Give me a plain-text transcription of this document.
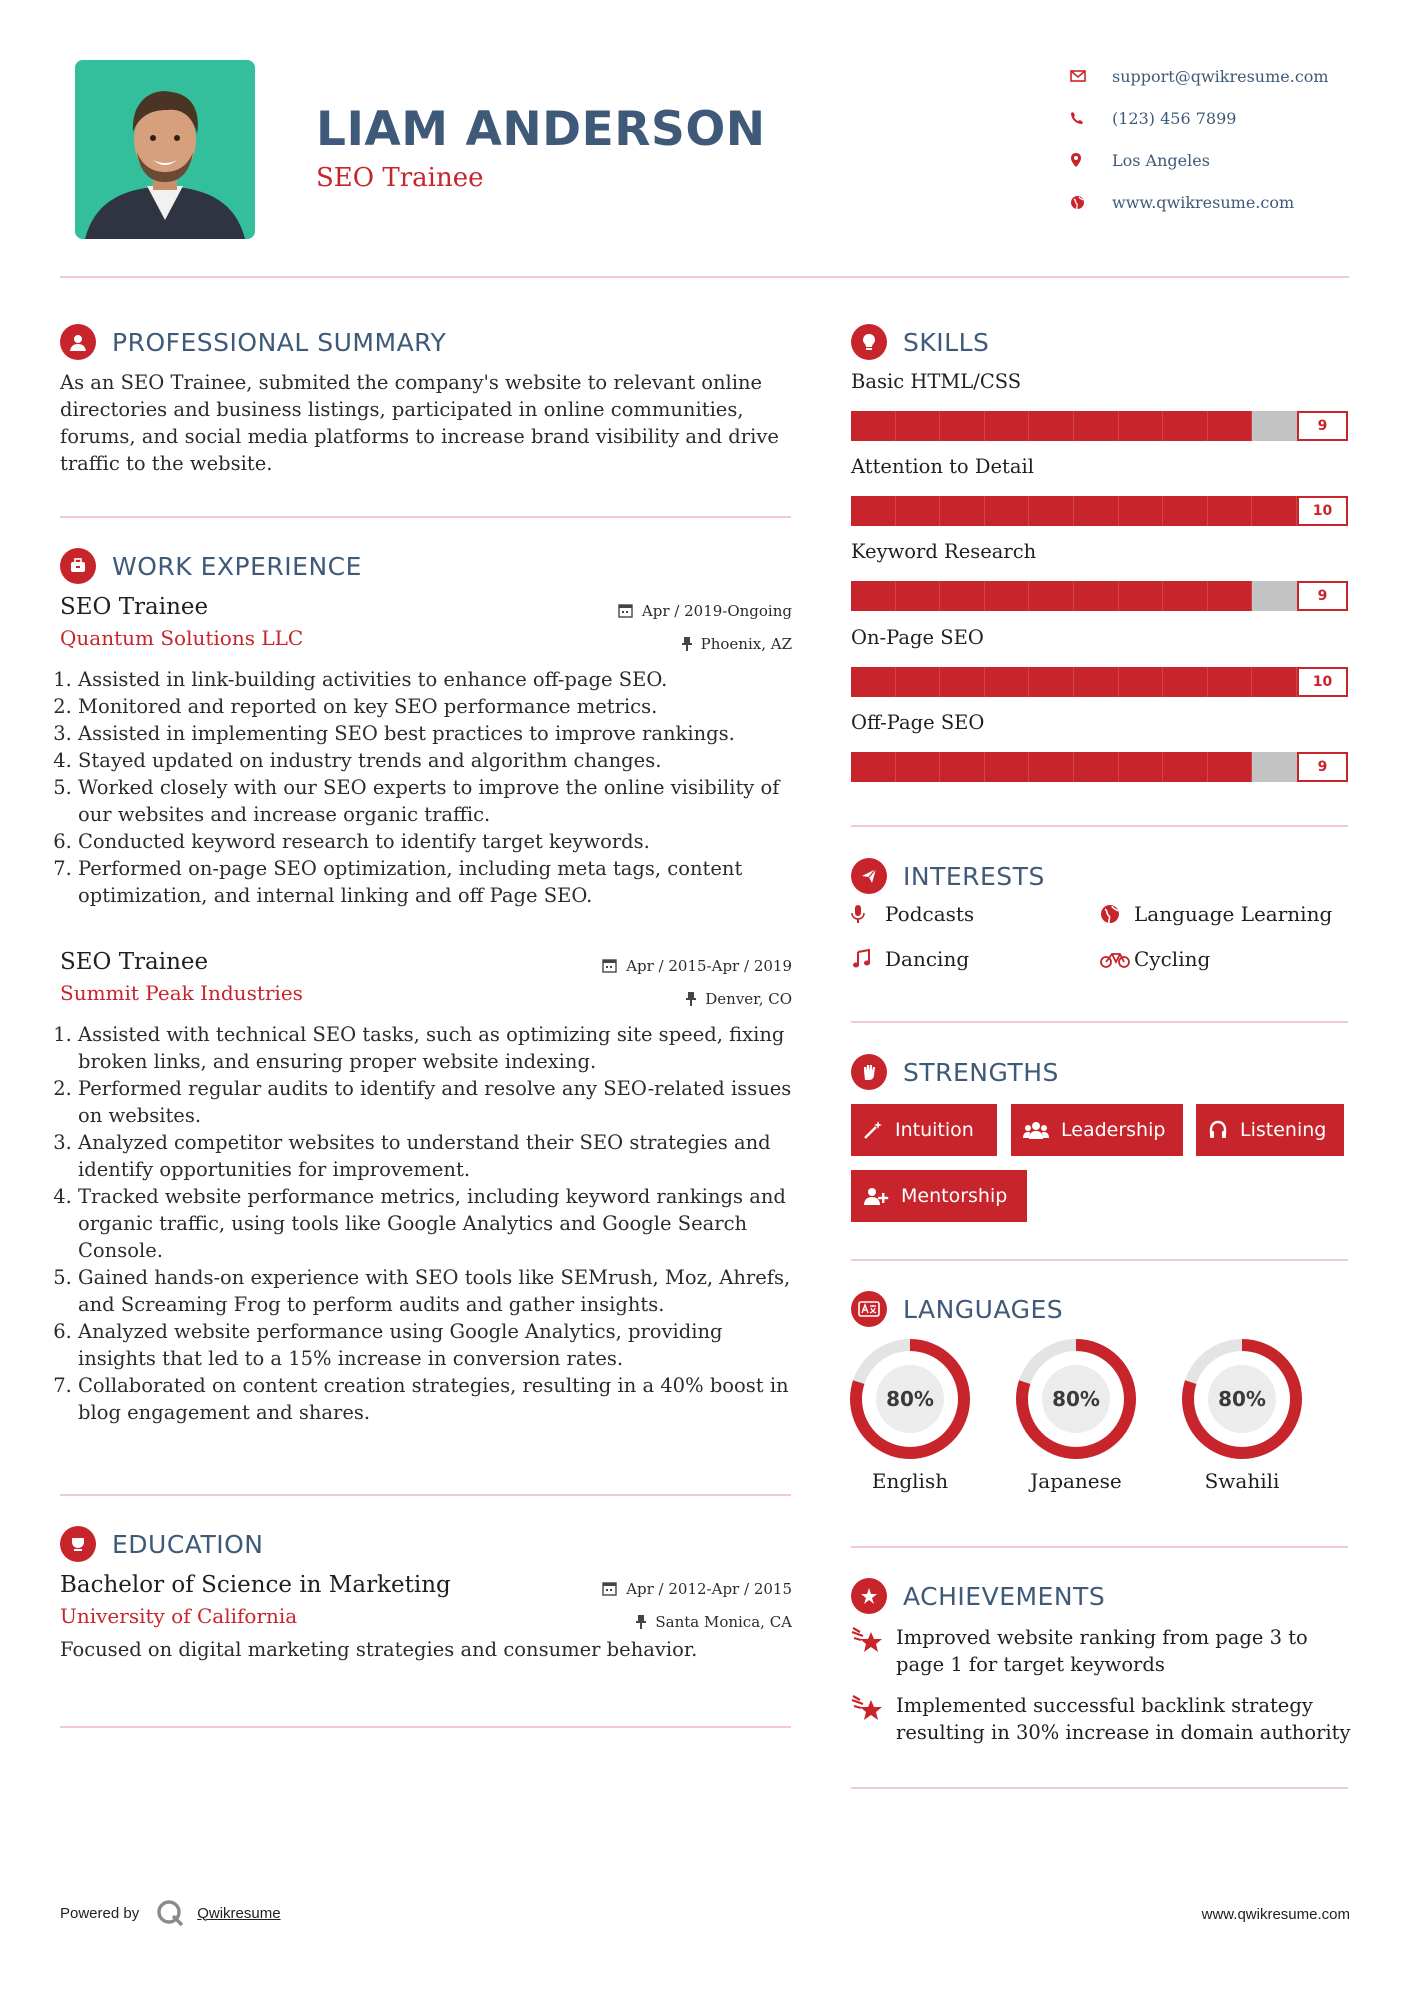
LIAM ANDERSON
SEO Trainee
support@qwikresume.com
(123) 456 7899
Los Angeles
www.qwikresume.com
PROFESSIONAL SUMMARY
As an SEO Trainee, submited the company's website to relevant online directories and business listings, participated in online communities, forums, and social media platforms to increase brand visibility and drive traffic to the website.
WORK EXPERIENCE
Apr / 2019-Ongoing
Phoenix, AZ
SEO Trainee
Quantum Solutions LLC
1. Assisted in link-building activities to enhance off-page SEO.
2. Monitored and reported on key SEO performance metrics.
3. Assisted in implementing SEO best practices to improve rankings.
4. Stayed updated on industry trends and algorithm changes.
5. Worked closely with our SEO experts to improve the online visibility of our websites and increase organic traffic.
6. Conducted keyword research to identify target keywords.
7. Performed on-page SEO optimization, including meta tags, content optimization, and internal linking and off Page SEO.
Apr / 2015-Apr / 2019
Denver, CO
SEO Trainee
Summit Peak Industries
1. Assisted with technical SEO tasks, such as optimizing site speed, fixing broken links, and ensuring proper website indexing.
2. Performed regular audits to identify and resolve any SEO-related issues on websites.
3. Analyzed competitor websites to understand their SEO strategies and identify opportunities for improvement.
4. Tracked website performance metrics, including keyword rankings and organic traffic, using tools like Google Analytics and Google Search Console.
5. Gained hands-on experience with SEO tools like SEMrush, Moz, Ahrefs, and Screaming Frog to perform audits and gather insights.
6. Analyzed website performance using Google Analytics, providing insights that led to a 15% increase in conversion rates.
7. Collaborated on content creation strategies, resulting in a 40% boost in blog engagement and shares.
EDUCATION
Apr / 2012-Apr / 2015
Santa Monica, CA
Bachelor of Science in Marketing
University of California
Focused on digital marketing strategies and consumer behavior.
SKILLS
Basic HTML/CSS
9
Attention to Detail
10
Keyword Research
9
On-Page SEO
10
Off-Page SEO
9
INTERESTS
Podcasts	Language Learning
Dancing	Cycling
STRENGTHS
Intuition	Leadership	Listening
Mentorship
LANGUAGES
80%
English
80%
Japanese
80%
Swahili
ACHIEVEMENTS
Improved website ranking from page 3 to page 1 for target keywords
Implemented successful backlink strategy resulting in 30% increase in domain authority
Powered by	Qwikresume	www.qwikresume.com
